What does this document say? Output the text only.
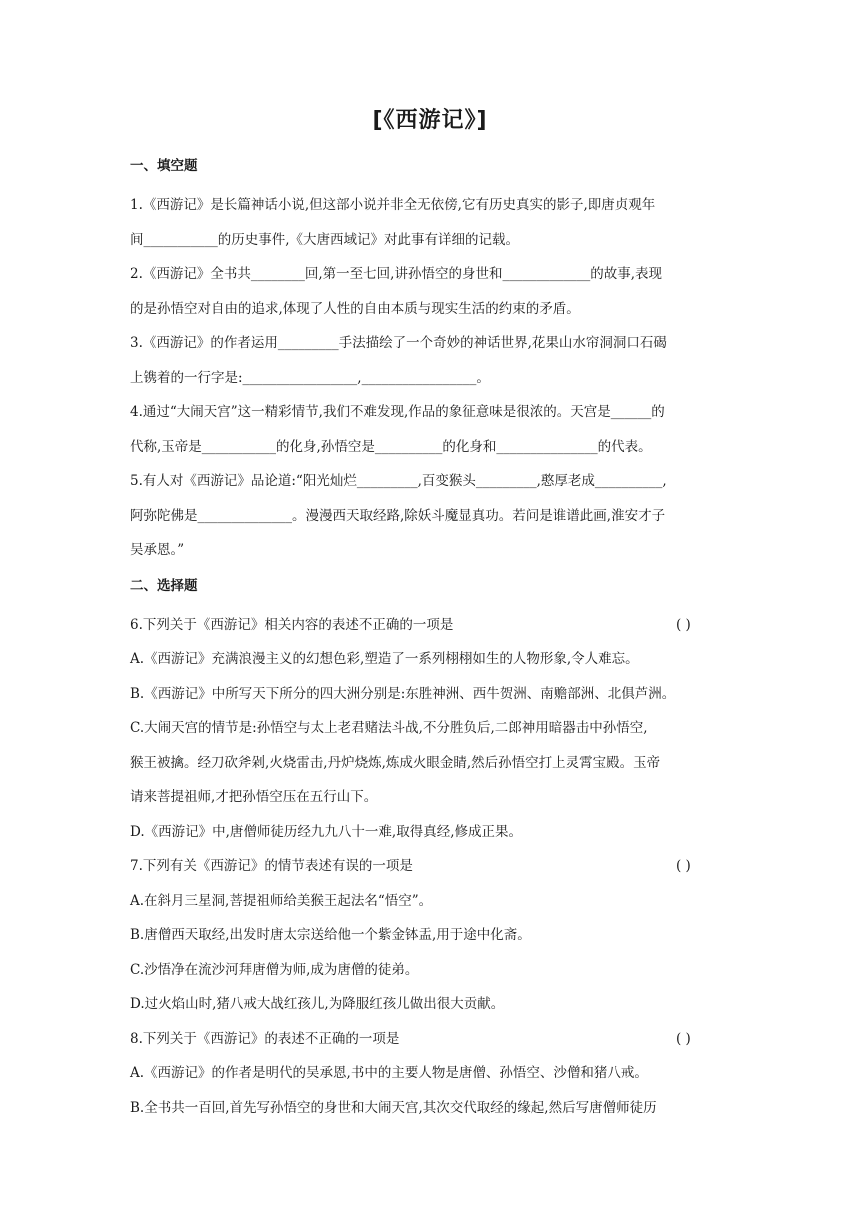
[《西游记》]
一、填空题
1.《西游记》是长篇神话小说,但这部小说并非全无依傍,它有历史真实的影子,即唐贞观年
间___________的历史事件,《大唐西域记》对此事有详细的记载。
2.《西游记》全书共________回,第一至七回,讲孙悟空的身世和_____________的故事,表现
的是孙悟空对自由的追求,体现了人性的自由本质与现实生活的约束的矛盾。
3.《西游记》的作者运用_________手法描绘了一个奇妙的神话世界,花果山水帘洞洞口石碣
上镌着的一行字是:_________________,_________________。
4.通过“大闹天宫”这一精彩情节,我们不难发现,作品的象征意味是很浓的。天宫是______的
代称,玉帝是___________的化身,孙悟空是__________的化身和_______________的代表。
5.有人对《西游记》品论道:“阳光灿烂_________,百变猴头_________,憨厚老成__________,
阿弥陀佛是______________。漫漫西天取经路,除妖斗魔显真功。若问是谁谱此画,淮安才子
吴承恩。”
二、选择题
6.下列关于《西游记》相关内容的表述不正确的一项是	( )
A.《西游记》充满浪漫主义的幻想色彩,塑造了一系列栩栩如生的人物形象,令人难忘。
B.《西游记》中所写天下所分的四大洲分别是:东胜神洲、西牛贺洲、南赡部洲、北俱芦洲。
C.大闹天宫的情节是:孙悟空与太上老君赌法斗战,不分胜负后,二郎神用暗器击中孙悟空,
猴王被擒。经刀砍斧剁,火烧雷击,丹炉烧炼,炼成火眼金睛,然后孙悟空打上灵霄宝殿。玉帝
请来菩提祖师,才把孙悟空压在五行山下。
D.《西游记》中,唐僧师徒历经九九八十一难,取得真经,修成正果。
7.下列有关《西游记》的情节表述有误的一项是	( )
A.在斜月三星洞,菩提祖师给美猴王起法名“悟空”。
B.唐僧西天取经,出发时唐太宗送给他一个紫金钵盂,用于途中化斋。
C.沙悟净在流沙河拜唐僧为师,成为唐僧的徒弟。
D.过火焰山时,猪八戒大战红孩儿,为降服红孩儿做出很大贡献。
8.下列关于《西游记》的表述不正确的一项是	( )
A.《西游记》的作者是明代的吴承恩,书中的主要人物是唐僧、孙悟空、沙僧和猪八戒。
B.全书共一百回,首先写孙悟空的身世和大闹天宫,其次交代取经的缘起,然后写唐僧师徒历
